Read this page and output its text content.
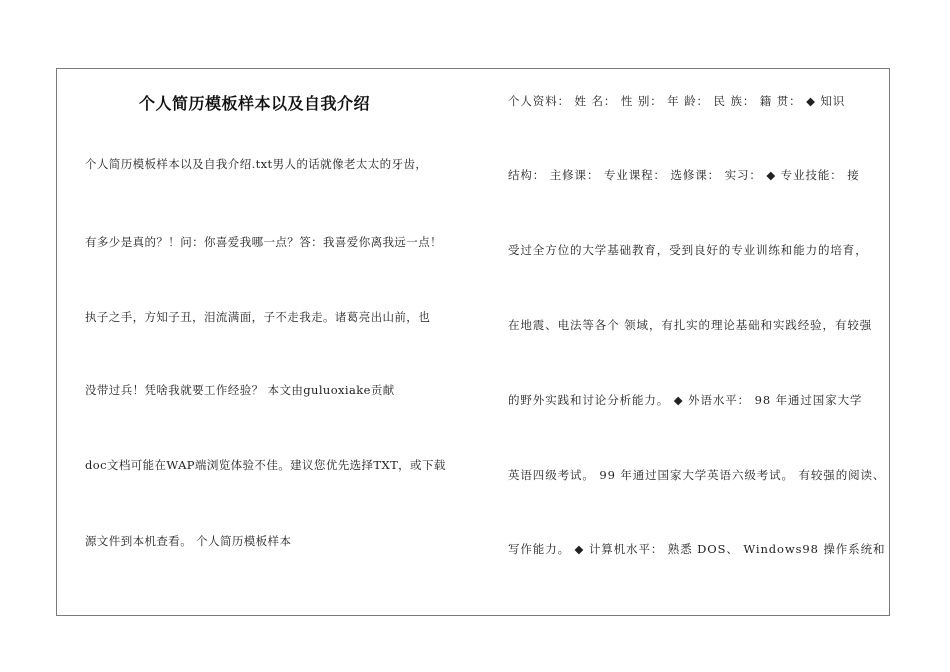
个人简历模板样本以及自我介绍

个人简历模板样本以及自我介绍.txt男人的话就像老太太的牙齿，

有多少是真的？！问：你喜爱我哪一点？答：我喜爱你离我远一点！

执子之手，方知子丑，泪流满面，子不走我走。诸葛亮出山前，也

没带过兵！凭啥我就要工作经验？ 本文由guluoxiake贡献

doc文档可能在WAP端浏览体验不佳。建议您优先选择TXT，或下载

源文件到本机查看。 个人简历模板样本

个人资料： 姓 名： 性 别： 年 龄： 民 族： 籍 贯： ◆ 知识

结构： 主修课： 专业课程： 选修课： 实习： ◆ 专业技能： 接

受过全方位的大学基础教育，受到良好的专业训练和能力的培育，

在地震、电法等各个 领域，有扎实的理论基础和实践经验，有较强

的野外实践和讨论分析能力。 ◆ 外语水平： 98 年通过国家大学

英语四级考试。 99 年通过国家大学英语六级考试。 有较强的阅读、

写作能力。 ◆ 计算机水平： 熟悉 DOS、 Windows98 操作系统和
